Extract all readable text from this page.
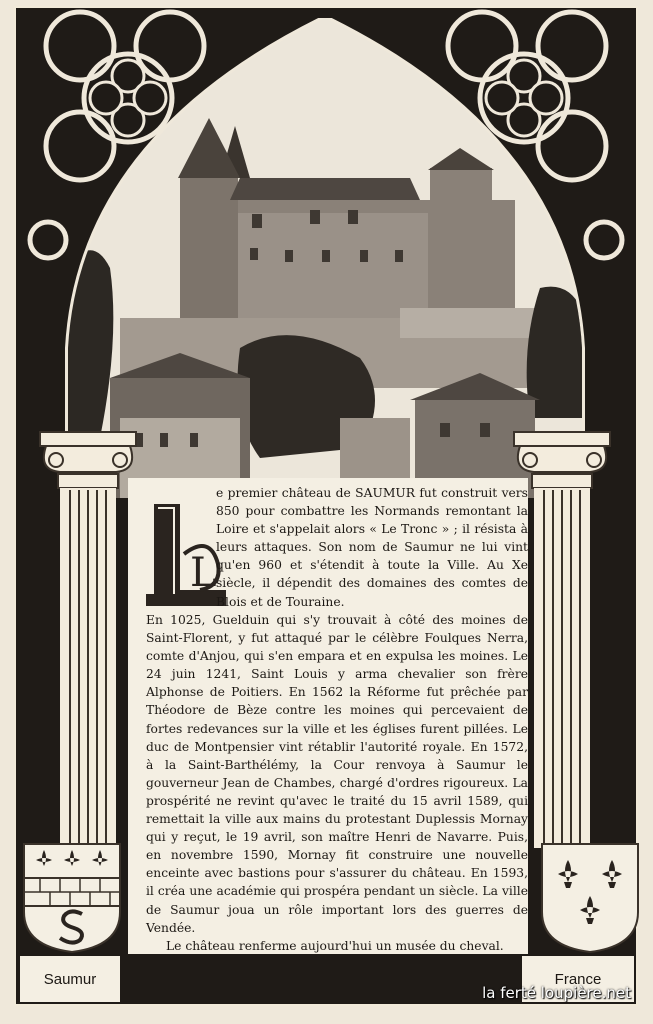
L

e premier château de SAUMUR fut construit vers 850 pour combattre les Normands remontant la Loire et s'appelait alors « Le Tronc » ; il résista à leurs attaques. Son nom de Saumur ne lui vint qu'en 960 et s'étendit à toute la Ville. Au Xe siècle, il dépendit des domaines des comtes de Blois et de Touraine.

En 1025, Guelduin qui s'y trouvait à côté des moines de Saint-Florent, y fut attaqué par le célèbre Foulques Nerra, comte d'Anjou, qui s'en empara et en expulsa les moines. Le 24 juin 1241, Saint Louis y arma chevalier son frère Alphonse de Poitiers. En 1562 la Réforme fut prêchée par Théodore de Bèze contre les moines qui percevaient de fortes redevances sur la ville et les églises furent pillées. Le duc de Montpensier vint rétablir l'autorité royale. En 1572, à la Saint-Barthélémy, la Cour renvoya à Saumur le gouverneur Jean de Chambes, chargé d'ordres rigoureux. La prospérité ne revint qu'avec le traité du 15 avril 1589, qui remettait la ville aux mains du protestant Duplessis Mornay qui y reçut, le 19 avril, son maître Henri de Navarre. Puis, en novembre 1590, Mornay fit construire une nouvelle enceinte avec bastions pour s'assurer du château. En 1593, il créa une académie qui prospéra pendant un siècle. La ville de Saumur joua un rôle important lors des guerres de Vendée.

Le château renferme aujourd'hui un musée du cheval.

Saumur	France
la ferté loupière.net
